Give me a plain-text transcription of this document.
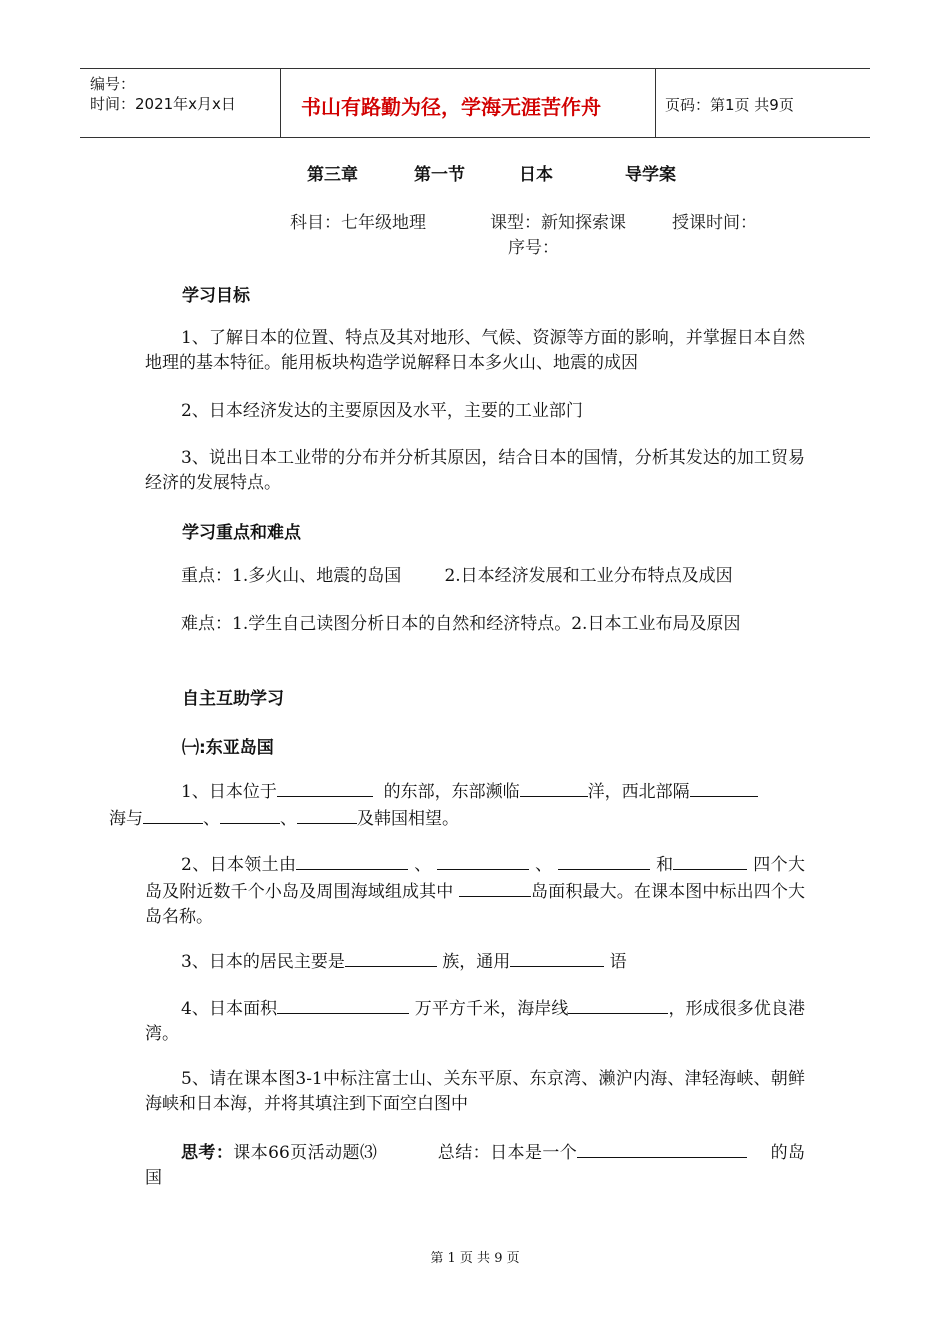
编号：
时间：2021年x月x日	书山有路勤为径，学海无涯苦作舟	页码：第1页 共9页
第三章	第一节	日本	导学案
科目：七年级地理	课型：新知探索课	授课时间：
序号：
学习目标
1、了解日本的位置、特点及其对地形、气候、资源等方面的影响，并掌握日本自然地理的基本特征。能用板块构造学说解释日本多火山、地震的成因
2、日本经济发达的主要原因及水平，主要的工业部门
3、说出日本工业带的分布并分析其原因，结合日本的国情，分析其发达的加工贸易经济的发展特点。
学习重点和难点
重点：1.多火山、地震的岛国        2.日本经济发展和工业分布特点及成因
难点：1.学生自己读图分析日本的自然和经济特点。2.日本工业布局及原因
自主互助学习
㈠:东亚岛国
1、日本位于	的东部，东部濒临	洋，西北部隔
海与	、	、	及韩国相望。
2、日本领土由	、	、	和	四个大岛及附近数千个小岛及周围海域组成其中	岛面积最大。在课本图中标出四个大岛名称。
3、日本的居民主要是	族，通用	语
4、日本面积	万平方千米，海岸线	，形成很多优良港湾。
5、请在课本图3-1中标注富士山、关东平原、东京湾、濑沪内海、津轻海峡、朝鲜海峡和日本海，并将其填注到下面空白图中
思考：课本66页活动题⑶	总结：日本是一个	的岛国
第 1 页 共 9 页
